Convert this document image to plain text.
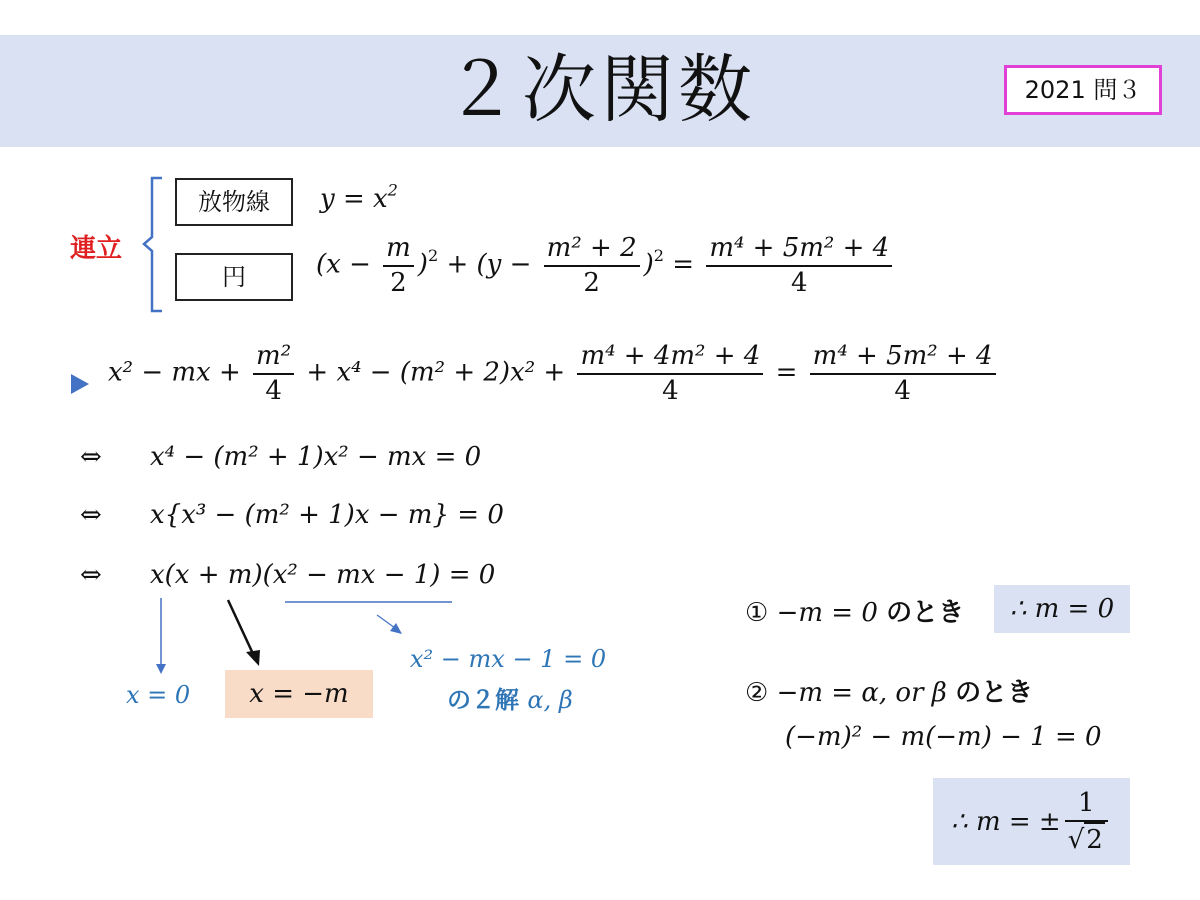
２次関数	2021 問３
連立
放物線	$y = x^2$
円	$(x - \frac{m}{2} )^2 + (y - \frac{\text{m² + 2}}{2} )^2 = \frac{\text{m⁴ + 5m² + 4}}{4}$
x² − mx + $\frac{\text{m²}}{4} + x^4 - (m^2 + 2)x^2 + \frac{\text{m⁴ + 4m² + 4}}{4} = \frac{\text{m⁴ + 5m² + 4}}{4}$
⇔ x⁴ − (m² + 1)x² − mx = 0
⇔ x{x³ − (m² + 1)x − m} = 0
⇔ x(x + m)(x² − mx − 1) = 0
x = 0	x = −m
x² − mx − 1 = 0
の２解 α, β
① −m = 0 のとき	∴ m = 0
② −m = α, or β のとき
(−m)² − m(−m) − 1 = 0
∴ m = ± $\frac{1}{√2}$
